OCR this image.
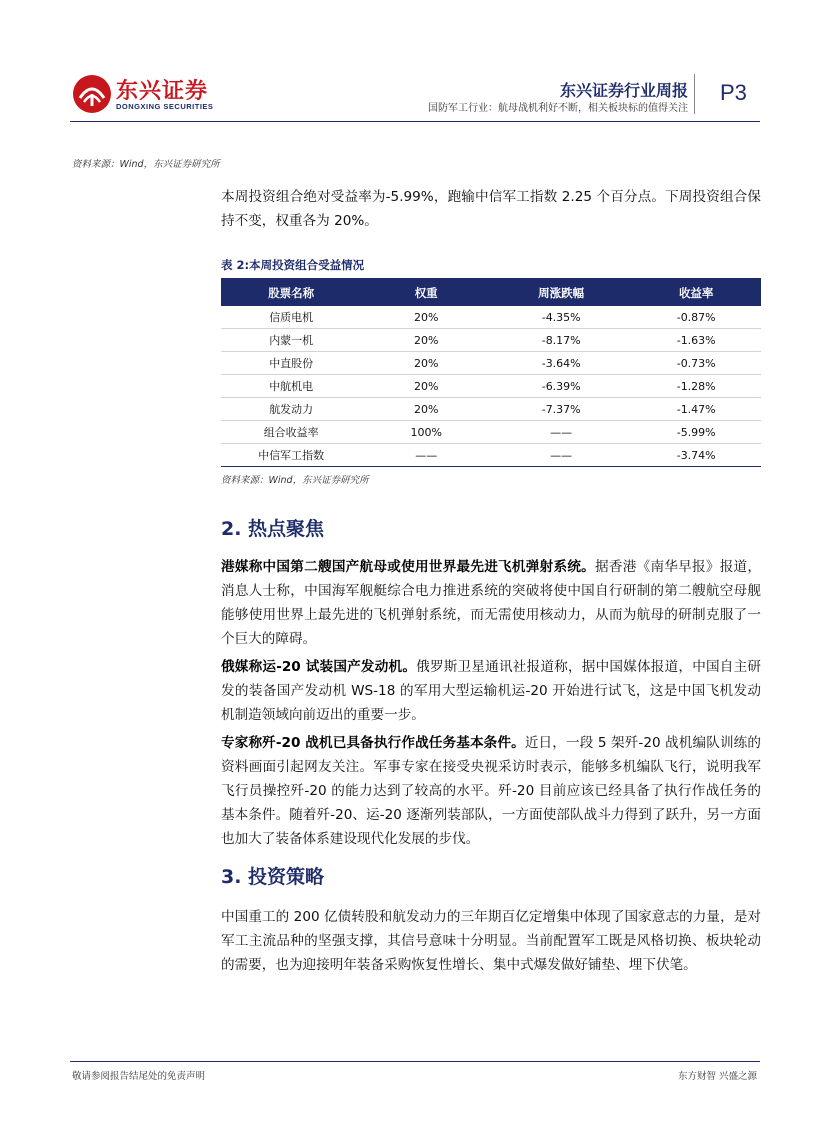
东兴证券
DONGXING SECURITIES
东兴证券行业周报
国防军工行业：航母战机利好不断，相关板块标的值得关注
P3
资料来源：Wind，东兴证券研究所
本周投资组合绝对受益率为-5.99%，跑输中信军工指数 2.25 个百分点。下周投资组合保持不变，权重各为 20%。
表 2:本周投资组合受益情况
股票名称	权重	周涨跌幅	收益率
信质电机	20%	-4.35%	-0.87%
内蒙一机	20%	-8.17%	-1.63%
中直股份	20%	-3.64%	-0.73%
中航机电	20%	-6.39%	-1.28%
航发动力	20%	-7.37%	-1.47%
组合收益率	100%	——	-5.99%
中信军工指数	——	——	-3.74%
资料来源：Wind，东兴证券研究所
2. 热点聚焦
港媒称中国第二艘国产航母或使用世界最先进飞机弹射系统。据香港《南华早报》报道，消息人士称，中国海军舰艇综合电力推进系统的突破将使中国自行研制的第二艘航空母舰能够使用世界上最先进的飞机弹射系统，而无需使用核动力，从而为航母的研制克服了一个巨大的障碍。
俄媒称运-20 试装国产发动机。俄罗斯卫星通讯社报道称，据中国媒体报道，中国自主研发的装备国产发动机 WS-18 的军用大型运输机运-20 开始进行试飞，这是中国飞机发动机制造领域向前迈出的重要一步。
专家称歼-20 战机已具备执行作战任务基本条件。近日，一段 5 架歼-20 战机编队训练的资料画面引起网友关注。军事专家在接受央视采访时表示，能够多机编队飞行，说明我军飞行员操控歼-20 的能力达到了较高的水平。歼-20 目前应该已经具备了执行作战任务的基本条件。随着歼-20、运-20 逐渐列装部队，一方面使部队战斗力得到了跃升，另一方面也加大了装备体系建设现代化发展的步伐。
3. 投资策略
中国重工的 200 亿债转股和航发动力的三年期百亿定增集中体现了国家意志的力量，是对军工主流品种的坚强支撑，其信号意味十分明显。当前配置军工既是风格切换、板块轮动的需要，也为迎接明年装备采购恢复性增长、集中式爆发做好铺垫、埋下伏笔。
敬请参阅报告结尾处的免责声明	东方财智 兴盛之源
